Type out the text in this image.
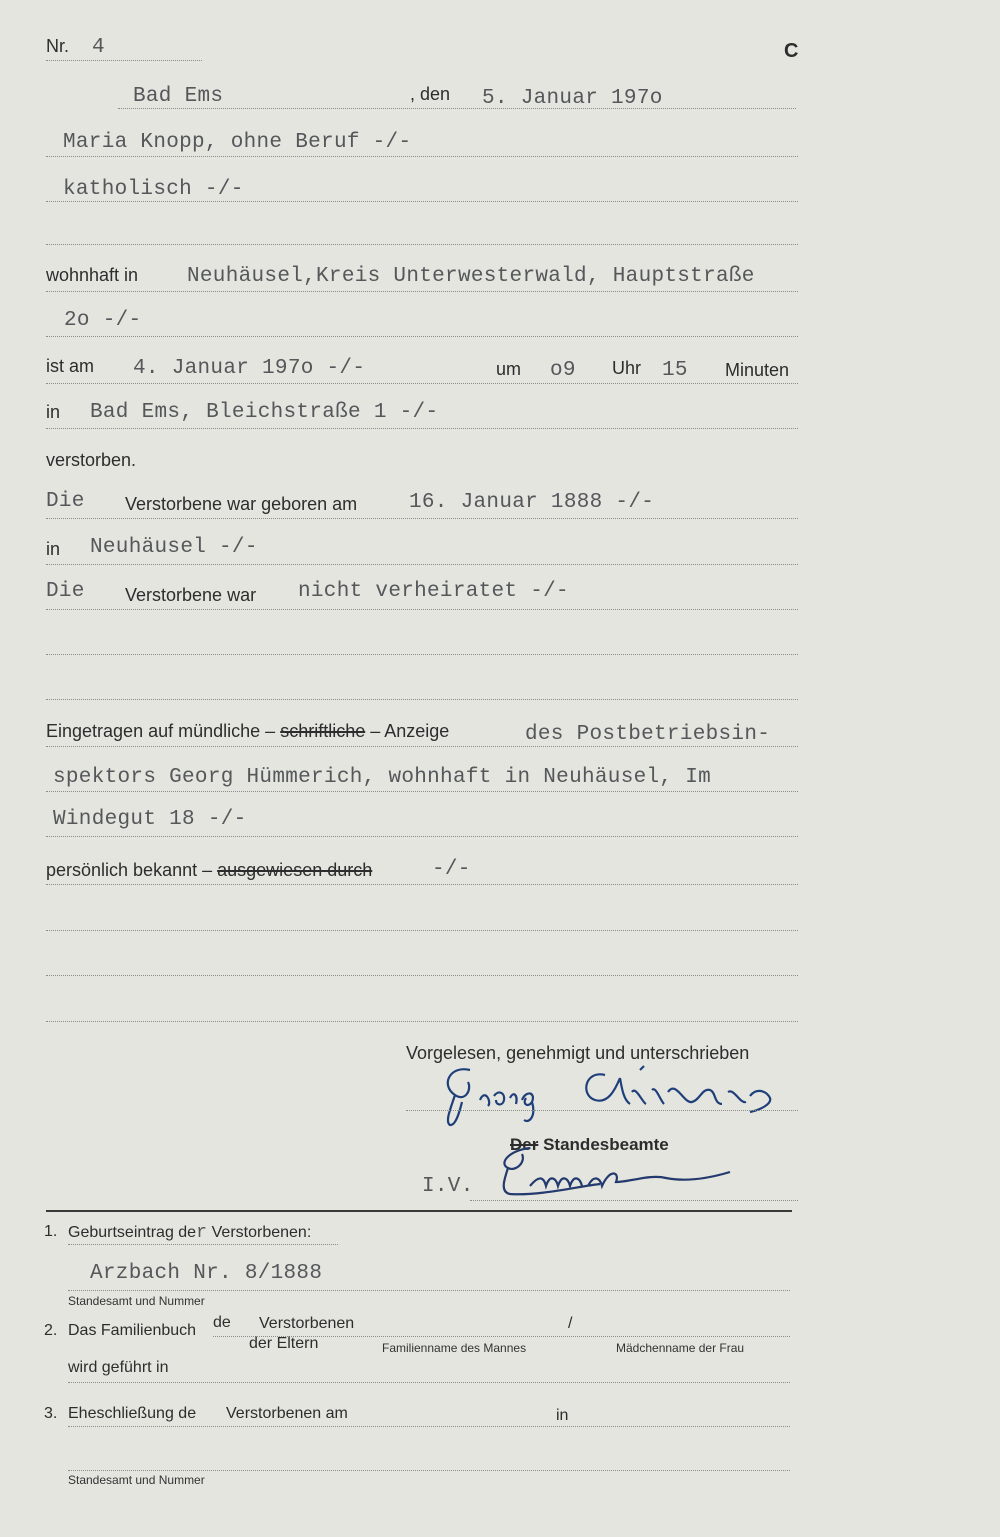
Nr. 4	C
Bad Ems	, den 5. Januar 197o
Maria Knopp, ohne Beruf -/-
katholisch -/-
wohnhaft in Neuhäusel,Kreis Unterwesterwald, Hauptstraße
2o -/-
ist am 4. Januar 197o -/-	um o9 Uhr 15 Minuten
in Bad Ems, Bleichstraße 1 -/-
verstorben.
Die Verstorbene war geboren am 16. Januar 1888 -/-
in Neuhäusel -/-
Die Verstorbene war nicht verheiratet -/-
Eingetragen auf mündliche – schriftliche – Anzeige	des Postbetriebsin-
spektors Georg Hümmerich, wohnhaft in Neuhäusel, Im
Windegut 18 -/-
persönlich bekannt – ausgewiesen durch	-/-
Vorgelesen, genehmigt und unterschrieben
Der Standesbeamte
I.V.
1. Geburtseintrag der Verstorbenen:
Arzbach Nr. 8/1888
Standesamt und Nummer
2. Das Familienbuch de Verstorbenen	/
der Eltern	Familienname des Mannes	Mädchenname der Frau
wird geführt in
3. Eheschließung de Verstorbenen am	in
Standesamt und Nummer
